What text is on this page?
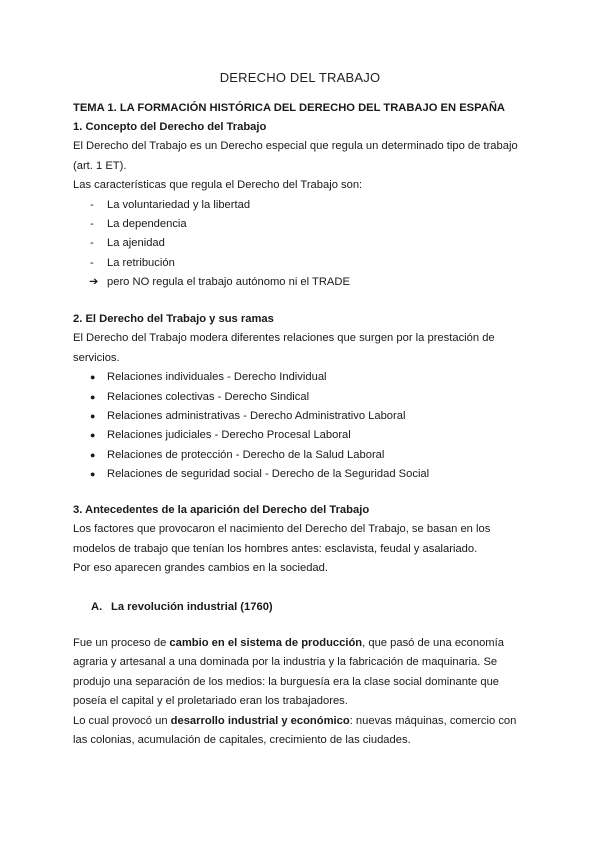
DERECHO DEL TRABAJO

TEMA 1. LA FORMACIÓN HISTÓRICA DEL DERECHO DEL TRABAJO EN ESPAÑA

1. Concepto del Derecho del Trabajo

El Derecho del Trabajo es un Derecho especial que regula un determinado tipo de trabajo

(art. 1 ET).

Las características que regula el Derecho del Trabajo son:

- La voluntariedad y la libertad
- La dependencia
- La ajenidad
- La retribución
➔ pero NO regula el trabajo autónomo ni el TRADE

2. El Derecho del Trabajo y sus ramas

El Derecho del Trabajo modera diferentes relaciones que surgen por la prestación de

servicios.

● Relaciones individuales - Derecho Individual
● Relaciones colectivas - Derecho Sindical
● Relaciones administrativas - Derecho Administrativo Laboral
● Relaciones judiciales - Derecho Procesal Laboral
● Relaciones de protección - Derecho de la Salud Laboral
● Relaciones de seguridad social - Derecho de la Seguridad Social

3. Antecedentes de la aparición del Derecho del Trabajo

Los factores que provocaron el nacimiento del Derecho del Trabajo, se basan en los

modelos de trabajo que tenían los hombres antes: esclavista, feudal y asalariado.

Por eso aparecen grandes cambios en la sociedad.

A. La revolución industrial (1760)

Fue un proceso de cambio en el sistema de producción, que pasó de una economía

agraria y artesanal a una dominada por la industria y la fabricación de maquinaria. Se

produjo una separación de los medios: la burguesía era la clase social dominante que

poseía el capital y el proletariado eran los trabajadores.

Lo cual provocó un desarrollo industrial y económico: nuevas máquinas, comercio con

las colonias, acumulación de capitales, crecimiento de las ciudades.
